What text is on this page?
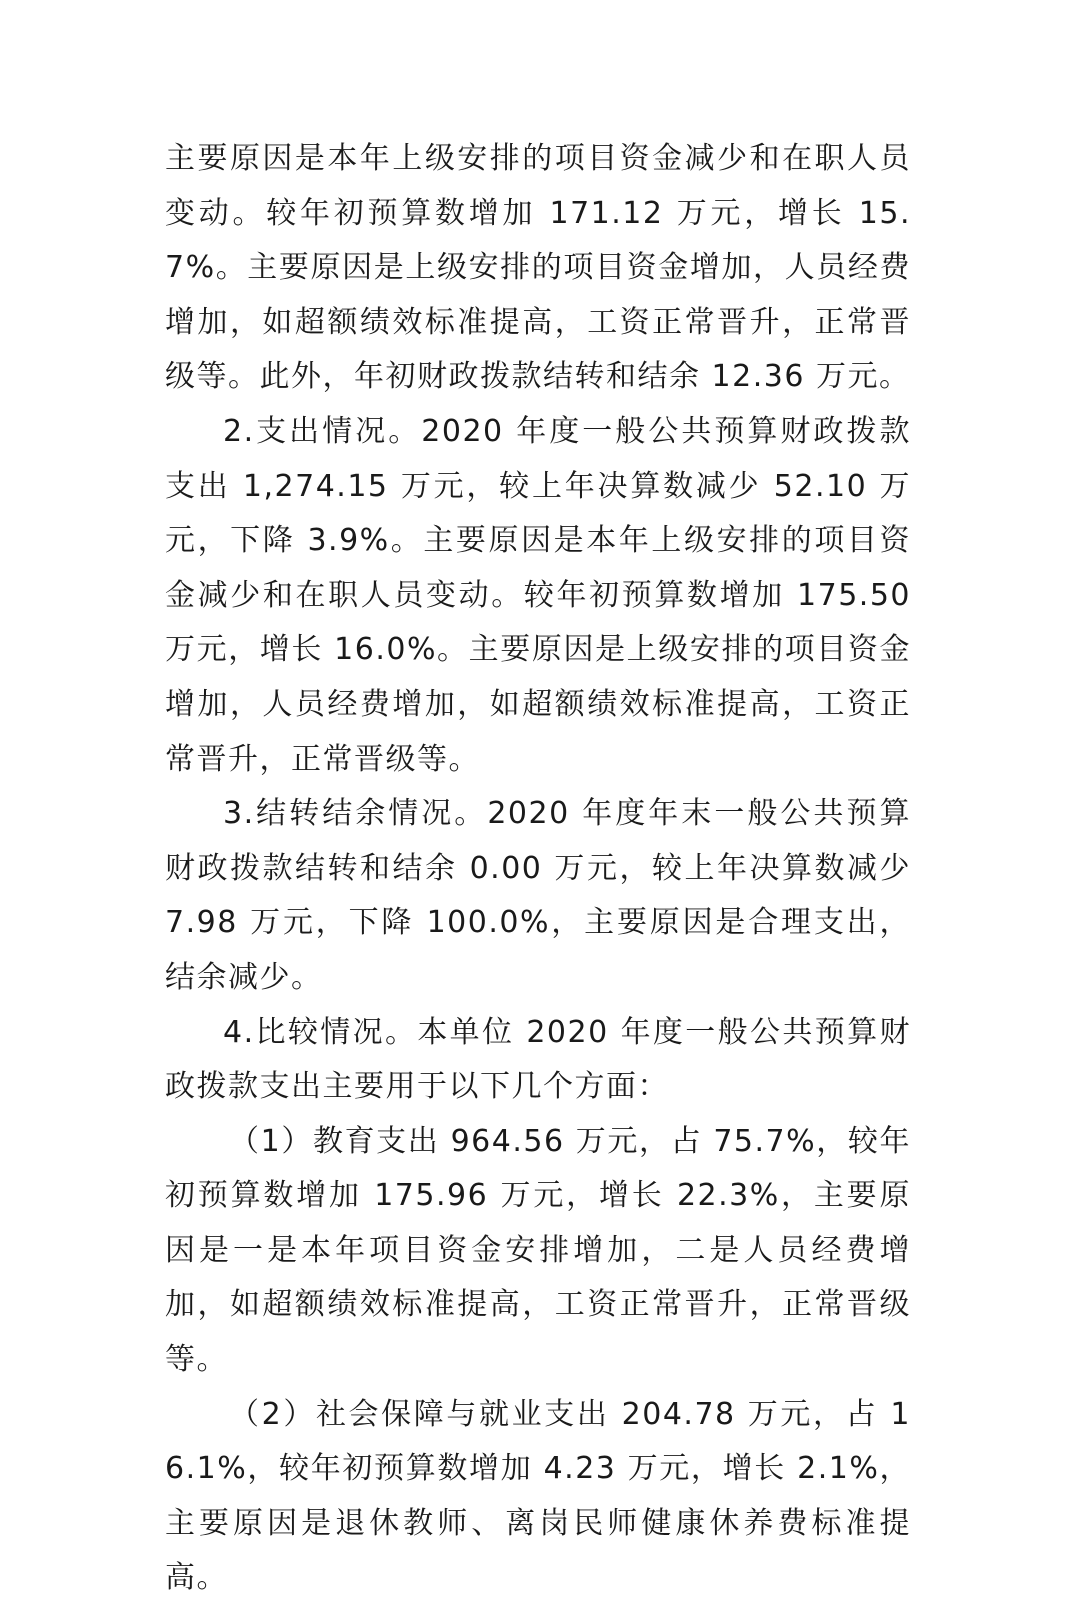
主要原因是本年上级安排的项目资金减少和在职人员变动。较年初预算数增加 171.12 万元，增长 15.7%。主要原因是上级安排的项目资金增加，人员经费增加，如超额绩效标准提高，工资正常晋升，正常晋级等。此外，年初财政拨款结转和结余 12.36 万元。

2.支出情况。2020 年度一般公共预算财政拨款支出 1,274.15 万元，较上年决算数减少 52.10 万元，下降 3.9%。主要原因是本年上级安排的项目资金减少和在职人员变动。较年初预算数增加 175.50 万元，增长 16.0%。主要原因是上级安排的项目资金增加，人员经费增加，如超额绩效标准提高，工资正常晋升，正常晋级等。

3.结转结余情况。2020 年度年末一般公共预算财政拨款结转和结余 0.00 万元，较上年决算数减少 7.98 万元，下降 100.0%，主要原因是合理支出，结余减少。

4.比较情况。本单位 2020 年度一般公共预算财政拨款支出主要用于以下几个方面：

（1）教育支出 964.56 万元，占 75.7%，较年初预算数增加 175.96 万元，增长 22.3%，主要原因是一是本年项目资金安排增加，二是人员经费增加，如超额绩效标准提高，工资正常晋升，正常晋级等。

（2）社会保障与就业支出 204.78 万元，占 16.1%，较年初预算数增加 4.23 万元，增长 2.1%，主要原因是退休教师、离岗民师健康休养费标准提高。
